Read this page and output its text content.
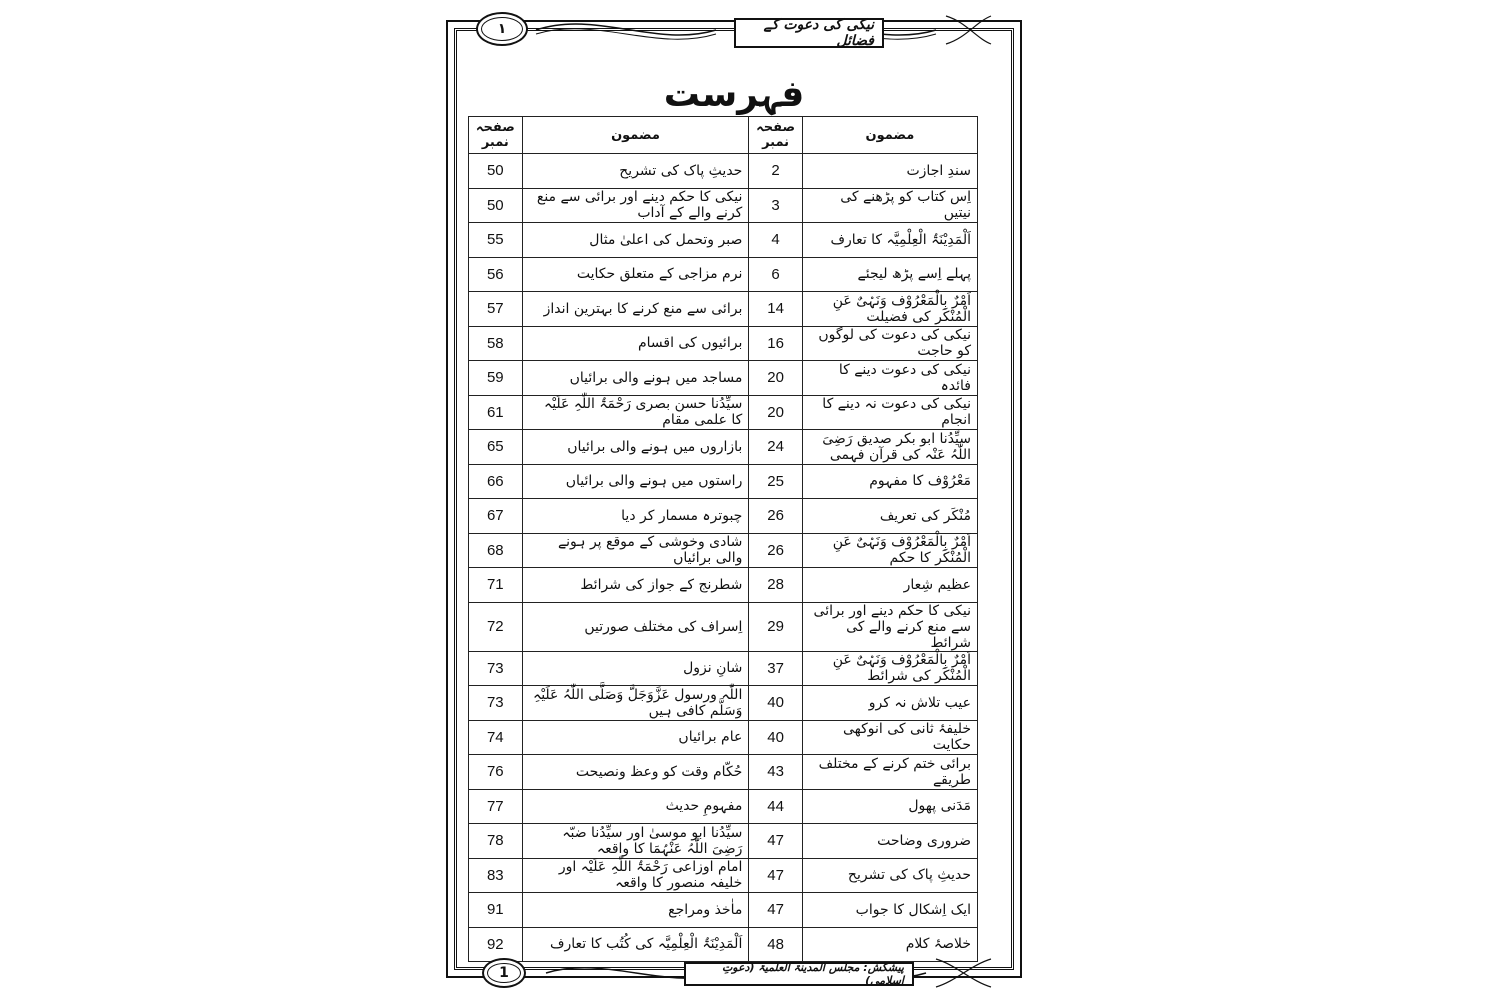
۱	نیکی کی دعوت کے فضائل
فہرست
مضمون	صفحہ نمبر	مضمون	صفحہ نمبر
سندِ اجازت	2	حدیثِ پاک کی تشریح	50
اِس کتاب کو پڑھنے کی نیتیں	3	نیکی کا حکم دینے اور برائی سے منع کرنے والے کے آداب	50
اَلْمَدِیْنَۃُ الْعِلْمِیَّہ کا تعارف	4	صبر وتحمل کی اعلیٰ مثال	55
پہلے اِسے پڑھ لیجئے	6	نرم مزاجی کے متعلق حکایت	56
اَمْرٌ بِالْمَعْرُوْف وَنَہْیٌ عَنِ الْمُنْکَر کی فضیلت	14	برائی سے منع کرنے کا بہترین انداز	57
نیکی کی دعوت کی لوگوں کو حاجت	16	برائیوں کی اقسام	58
نیکی کی دعوت دینے کا فائدہ	20	مساجد میں ہونے والی برائیاں	59
نیکی کی دعوت نہ دینے کا انجام	20	سیِّدُنا حسن بصری رَحْمَۃُ اللّٰہِ عَلَیْہ کا علمی مقام	61
سیِّدُنا ابو بکر صدیق رَضِیَ اللّٰہُ عَنْہ کی قرآن فہمی	24	بازاروں میں ہونے والی برائیاں	65
مَعْرُوْف کا مفہوم	25	راستوں میں ہونے والی برائیاں	66
مُنْکَر کی تعریف	26	چبوترہ مسمار کر دیا	67
اَمْرٌ بِالْمَعْرُوْف وَنَہْیٌ عَنِ الْمُنْکَر کا حکم	26	شادی وخوشی کے موقع پر ہونے والی برائیاں	68
عظیم شِعار	28	شطرنج کے جواز کی شرائط	71
نیکی کا حکم دینے اور برائی سے منع کرنے والے کی شرائط	29	اِسراف کی مختلف صورتیں	72
اَمْرٌ بِالْمَعْرُوْف وَنَہْیٌ عَنِ الْمُنْکَر کی شرائط	37	شانِ نزول	73
عیب تلاش نہ کرو	40	اللّٰہ ورسول عَزَّوَجَلَّ وَصَلَّی اللّٰہُ عَلَیْہِ وَسَلَّم کافی ہیں	73
خلیفۂ ثانی کی انوکھی حکایت	40	عام برائیاں	74
برائی ختم کرنے کے مختلف طریقے	43	حُکّام وقت کو وعظ ونصیحت	76
مَدَنی پھول	44	مفہومِ حدیث	77
ضروری وضاحت	47	سیِّدُنا ابو موسیٰ اور سیِّدُنا ضبّہ رَضِیَ اللّٰہُ عَنْہُمَا کا واقعہ	78
حدیثِ پاک کی تشریح	47	امام اوزاعی رَحْمَۃُ اللّٰہِ عَلَیْہ اور خلیفہ منصور کا واقعہ	83
ایک اِشکال کا جواب	47	ماٰخذ ومراجع	91
خلاصۂ کلام	48	اَلْمَدِیْنَۃُ الْعِلْمِیَّہ کی کُتُب کا تعارف	92
1	پیشکش: مجلس المدینۃ العلمیۃ (دعوتِ اسلامی)
